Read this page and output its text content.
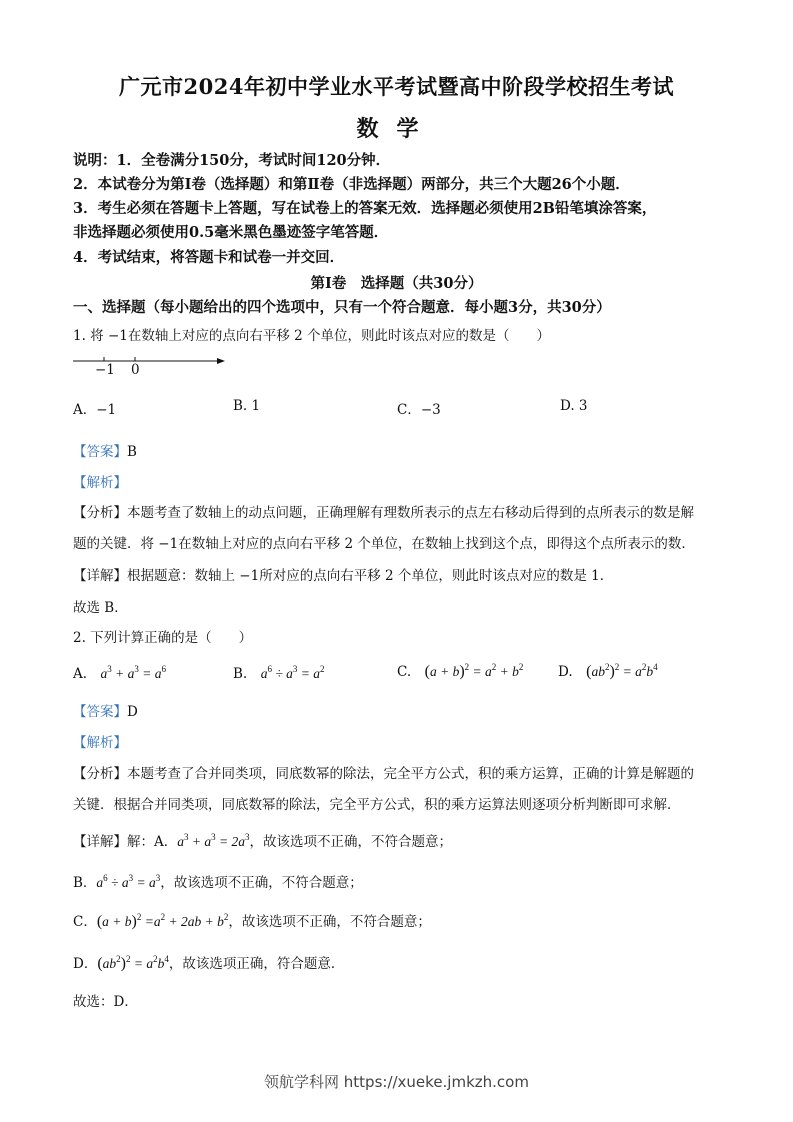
广元市2024年初中学业水平考试暨高中阶段学校招生考试
数学
说明：1．全卷满分150分，考试时间120分钟．
2．本试卷分为第Ⅰ卷（选择题）和第Ⅱ卷（非选择题）两部分，共三个大题26个小题．
3．考生必须在答题卡上答题，写在试卷上的答案无效．选择题必须使用2B铅笔填涂答案，
非选择题必须使用0.5毫米黑色墨迹签字笔答题．
4．考试结束，将答题卡和试卷一并交回．
第Ⅰ卷　选择题（共30分）
一、选择题（每小题给出的四个选项中，只有一个符合题意．每小题3分，共30分）
1. 将 −1在数轴上对应的点向右平移 2 个单位，则此时该点对应的数是（　　）
−1 0
A．−1	B. 1	C．−3	D. 3
【答案】B
【解析】
【分析】本题考查了数轴上的动点问题，正确理解有理数所表示的点左右移动后得到的点所表示的数是解
题的关键．将 −1在数轴上对应的点向右平移 2 个单位，在数轴上找到这个点，即得这个点所表示的数．
【详解】根据题意：数轴上 −1所对应的点向右平移 2 个单位，则此时该点对应的数是 1．
故选 B．
2. 下列计算正确的是（　　）
A.　$a^3 + a^3 = a^6$	B.　$a^6 \div a^3 = a^2$	C.　$(a + b)^2 = a^2 + b^2$	D.　$(ab^2)^2 = a^2b^4$
【答案】D
【解析】
【分析】本题考查了合并同类项，同底数幂的除法，完全平方公式，积的乘方运算，正确的计算是解题的
关键．根据合并同类项，同底数幂的除法，完全平方公式，积的乘方运算法则逐项分析判断即可求解．
【详解】解：A．$a^3 + a^3 = 2a^3$，故该选项不正确，不符合题意；
B．$a^6 \div a^3 = a^3$，故该选项不正确，不符合题意；
C．$(a + b)^2 =a^2 + 2ab + b^2$，故该选项不正确，不符合题意；
D．$(ab^2)^2 = a^2b^4$，故该选项正确，符合题意．
故选：D．
领航学科网 https://xueke.jmkzh.com
